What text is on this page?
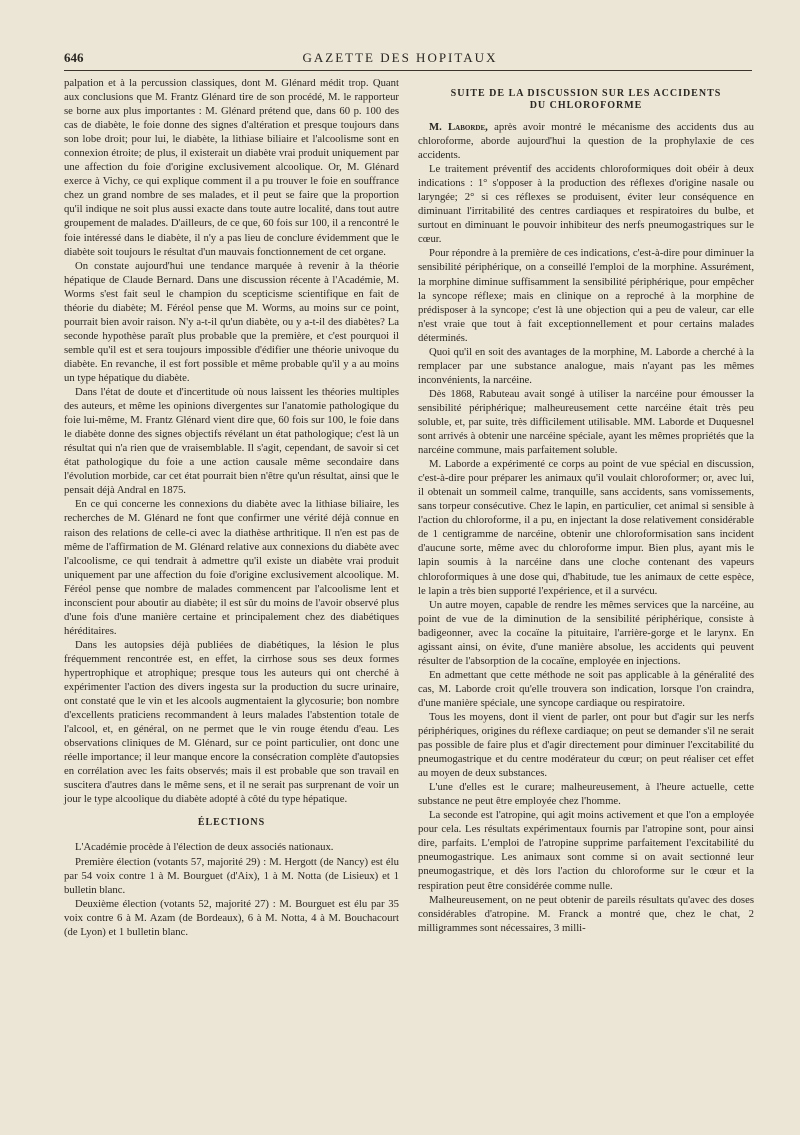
646	GAZETTE DES HOPITAUX

palpation et à la percussion classiques, dont M. Glénard médit trop. Quant aux conclusions que M. Frantz Glénard tire de son procédé, M. le rapporteur se borne aux plus importantes : M. Glénard prétend que, dans 60 p. 100 des cas de diabète, le foie donne des signes d'altération et presque toujours dans son lobe droit; pour lui, le diabète, la lithiase biliaire et l'alcoolisme sont en connexion étroite; de plus, il existerait un diabète vrai produit uniquement par une affection du foie d'origine exclusivement alcoolique. Or, M. Glénard exerce à Vichy, ce qui explique comment il a pu trouver le foie en souffrance chez un grand nombre de ses malades, et il peut se faire que la proportion qu'il indique ne soit plus aussi exacte dans toute autre localité, dans tout autre groupement de malades. D'ailleurs, de ce que, 60 fois sur 100, il a rencontré le foie intéressé dans le diabète, il n'y a pas lieu de conclure évidemment que le diabète soit toujours le résultat d'un mauvais fonctionnement de cet organe.

On constate aujourd'hui une tendance marquée à revenir à la théorie hépatique de Claude Bernard. Dans une discussion récente à l'Académie, M. Worms s'est fait seul le champion du scepticisme scientifique en fait de théorie du diabète; M. Féréol pense que M. Worms, au moins sur ce point, pourrait bien avoir raison. N'y a-t-il qu'un diabète, ou y a-t-il des diabètes? La seconde hypothèse paraît plus probable que la première, et c'est pourquoi il semble qu'il est et sera toujours impossible d'édifier une théorie univoque du diabète. En revanche, il est fort possible et même probable qu'il y a au moins un type hépatique du diabète.

Dans l'état de doute et d'incertitude où nous laissent les théories multiples des auteurs, et même les opinions divergentes sur l'anatomie pathologique du foie lui-même, M. Frantz Glénard vient dire que, 60 fois sur 100, le foie dans le diabète donne des signes objectifs révélant un état pathologique; c'est là un résultat qui n'a rien que de vraisemblable. Il s'agit, cependant, de savoir si cet état pathologique du foie a une action causale même secondaire dans l'évolution morbide, car cet état pourrait bien n'être qu'un résultat, ainsi que le pensait déjà Andral en 1875.

En ce qui concerne les connexions du diabète avec la lithiase biliaire, les recherches de M. Glénard ne font que confirmer une vérité déjà connue en raison des relations de celle-ci avec la diathèse arthritique. Il n'en est pas de même de l'affirmation de M. Glénard relative aux connexions du diabète avec l'alcoolisme, ce qui tendrait à admettre qu'il existe un diabète vrai produit uniquement par une affection du foie d'origine exclusivement alcoolique. M. Féréol pense que nombre de malades commencent par l'alcoolisme lent et inconscient pour aboutir au diabète; il est sûr du moins de l'avoir observé plus d'une fois d'une manière certaine et principalement chez des diabétiques héréditaires.

Dans les autopsies déjà publiées de diabétiques, la lésion le plus fréquemment rencontrée est, en effet, la cirrhose sous ses deux formes hypertrophique et atrophique; presque tous les auteurs qui ont cherché à expérimenter l'action des divers ingesta sur la production du sucre urinaire, ont constaté que le vin et les alcools augmentaient la glycosurie; bon nombre d'excellents praticiens recommandent à leurs malades l'abstention totale de l'alcool, et, en général, on ne permet que le vin rouge étendu d'eau. Les observations cliniques de M. Glénard, sur ce point particulier, ont donc une réelle importance; il leur manque encore la consécration complète d'autopsies en corrélation avec les faits observés; mais il est probable que son travail en suscitera d'autres dans le même sens, et il ne serait pas surprenant de voir un jour le type alcoolique du diabète adopté à côté du type hépatique.

ÉLECTIONS

L'Académie procède à l'élection de deux associés nationaux.

Première élection (votants 57, majorité 29) : M. Hergott (de Nancy) est élu par 54 voix contre 1 à M. Bourguet (d'Aix), 1 à M. Notta (de Lisieux) et 1 bulletin blanc.

Deuxième élection (votants 52, majorité 27) : M. Bourguet est élu par 35 voix contre 6 à M. Azam (de Bordeaux), 6 à M. Notta, 4 à M. Bouchacourt (de Lyon) et 1 bulletin blanc.

SUITE DE LA DISCUSSION SUR LES ACCIDENTS
DU CHLOROFORME

M. Laborde, après avoir montré le mécanisme des accidents dus au chloroforme, aborde aujourd'hui la question de la prophylaxie de ces accidents.

Le traitement préventif des accidents chloroformiques doit obéir à deux indications : 1° s'opposer à la production des réflexes d'origine nasale ou laryngée; 2° si ces réflexes se produisent, éviter leur conséquence en diminuant l'irritabilité des centres cardiaques et respiratoires du bulbe, et surtout en diminuant le pouvoir inhibiteur des nerfs pneumogastriques sur le cœur.

Pour répondre à la première de ces indications, c'est-à-dire pour diminuer la sensibilité périphérique, on a conseillé l'emploi de la morphine. Assurément, la morphine diminue suffisamment la sensibilité périphérique, pour empêcher la syncope réflexe; mais en clinique on a reproché à la morphine de prédisposer à la syncope; c'est là une objection qui a peu de valeur, car elle n'est vraie que tout à fait exceptionnellement et pour certains malades déterminés.

Quoi qu'il en soit des avantages de la morphine, M. Laborde a cherché à la remplacer par une substance analogue, mais n'ayant pas les mêmes inconvénients, la narcéine.

Dès 1868, Rabuteau avait songé à utiliser la narcéine pour émousser la sensibilité périphérique; malheureusement cette narcéine était très peu soluble, et, par suite, très difficilement utilisable. MM. Laborde et Duquesnel sont arrivés à obtenir une narcéine spéciale, ayant les mêmes propriétés que la narcéine commune, mais parfaitement soluble.

M. Laborde a expérimenté ce corps au point de vue spécial en discussion, c'est-à-dire pour préparer les animaux qu'il voulait chloroformer; or, avec lui, il obtenait un sommeil calme, tranquille, sans accidents, sans vomissements, sans torpeur consécutive. Chez le lapin, en particulier, cet animal si sensible à l'action du chloroforme, il a pu, en injectant la dose relativement considérable de 1 centigramme de narcéine, obtenir une chloroformisation sans incident d'aucune sorte, même avec du chloroforme impur. Bien plus, ayant mis le lapin soumis à la narcéine dans une cloche contenant des vapeurs chloroformiques à une dose qui, d'habitude, tue les animaux de cette espèce, le lapin a très bien supporté l'expérience, et il a survécu.

Un autre moyen, capable de rendre les mêmes services que la narcéine, au point de vue de la diminution de la sensibilité périphérique, consiste à badigeonner, avec la cocaïne la pituitaire, l'arrière-gorge et le larynx. En agissant ainsi, on évite, d'une manière absolue, les accidents qui peuvent résulter de l'absorption de la cocaïne, employée en injections.

En admettant que cette méthode ne soit pas applicable à la généralité des cas, M. Laborde croit qu'elle trouvera son indication, lorsque l'on craindra, d'une manière spéciale, une syncope cardiaque ou respiratoire.

Tous les moyens, dont il vient de parler, ont pour but d'agir sur les nerfs périphériques, origines du réflexe cardiaque; on peut se demander s'il ne serait pas possible de faire plus et d'agir directement pour diminuer l'excitabilité du pneumogastrique et du centre modérateur du cœur; on peut réaliser cet effet au moyen de deux substances.

L'une d'elles est le curare; malheureusement, à l'heure actuelle, cette substance ne peut être employée chez l'homme.

La seconde est l'atropine, qui agit moins activement et que l'on a employée pour cela. Les résultats expérimentaux fournis par l'atropine sont, pour ainsi dire, parfaits. L'emploi de l'atropine supprime parfaitement l'excitabilité du pneumogastrique. Les animaux sont comme si on avait sectionné leur pneumogastrique, et dès lors l'action du chloroforme sur le cœur et la respiration peut être considérée comme nulle.

Malheureusement, on ne peut obtenir de pareils résultats qu'avec des doses considérables d'atropine. M. Franck a montré que, chez le chat, 2 milligrammes sont nécessaires, 3 milli-
